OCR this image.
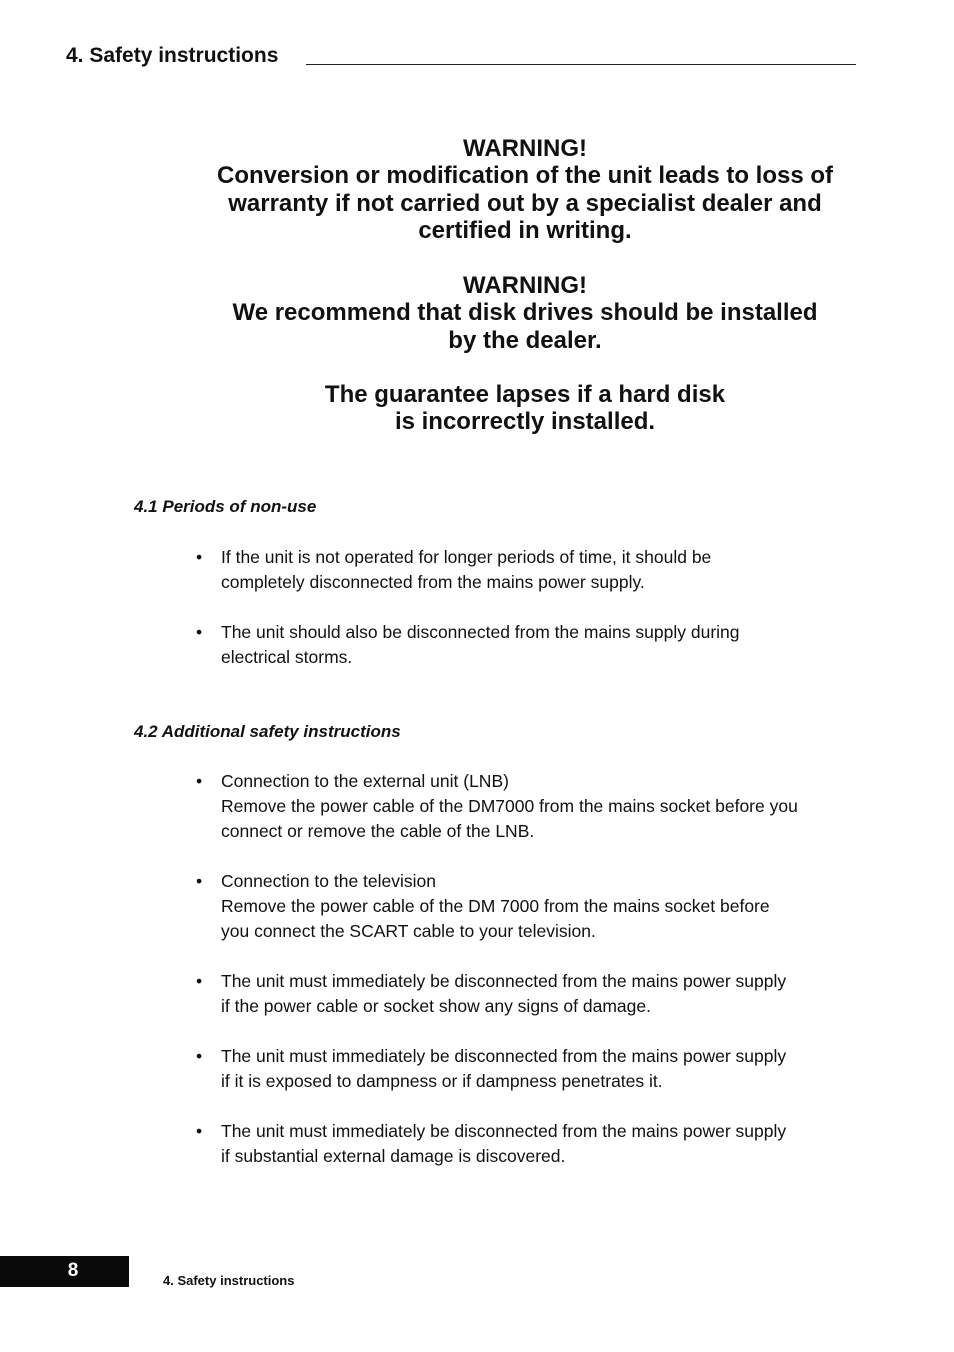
4. Safety instructions

WARNING!

Conversion or modification of the unit leads to loss of

warranty if not carried out by a specialist dealer and

certified in writing.

WARNING!

We recommend that disk drives should be installed

by the dealer.

The guarantee lapses if a hard disk

is incorrectly installed.

4.1 Periods of non-use
•	If the unit is not operated for longer periods of time, it should be
completely disconnected from the mains power supply.
•	The unit should also be disconnected from the mains supply during
electrical storms.
4.2 Additional safety instructions
•	Connection to the external unit (LNB)
Remove the power cable of the DM7000 from the mains socket before you
connect or remove the cable of the LNB.
•	Connection to the television
Remove the power cable of the DM 7000 from the mains socket before
you connect the SCART cable to your television.
•	The unit must immediately be disconnected from the mains power supply
if the power cable or socket show any signs of damage.
•	The unit must immediately be disconnected from the mains power supply
if it is exposed to dampness or if dampness penetrates it.
•	The unit must immediately be disconnected from the mains power supply
if substantial external damage is discovered.
8	4. Safety instructions
